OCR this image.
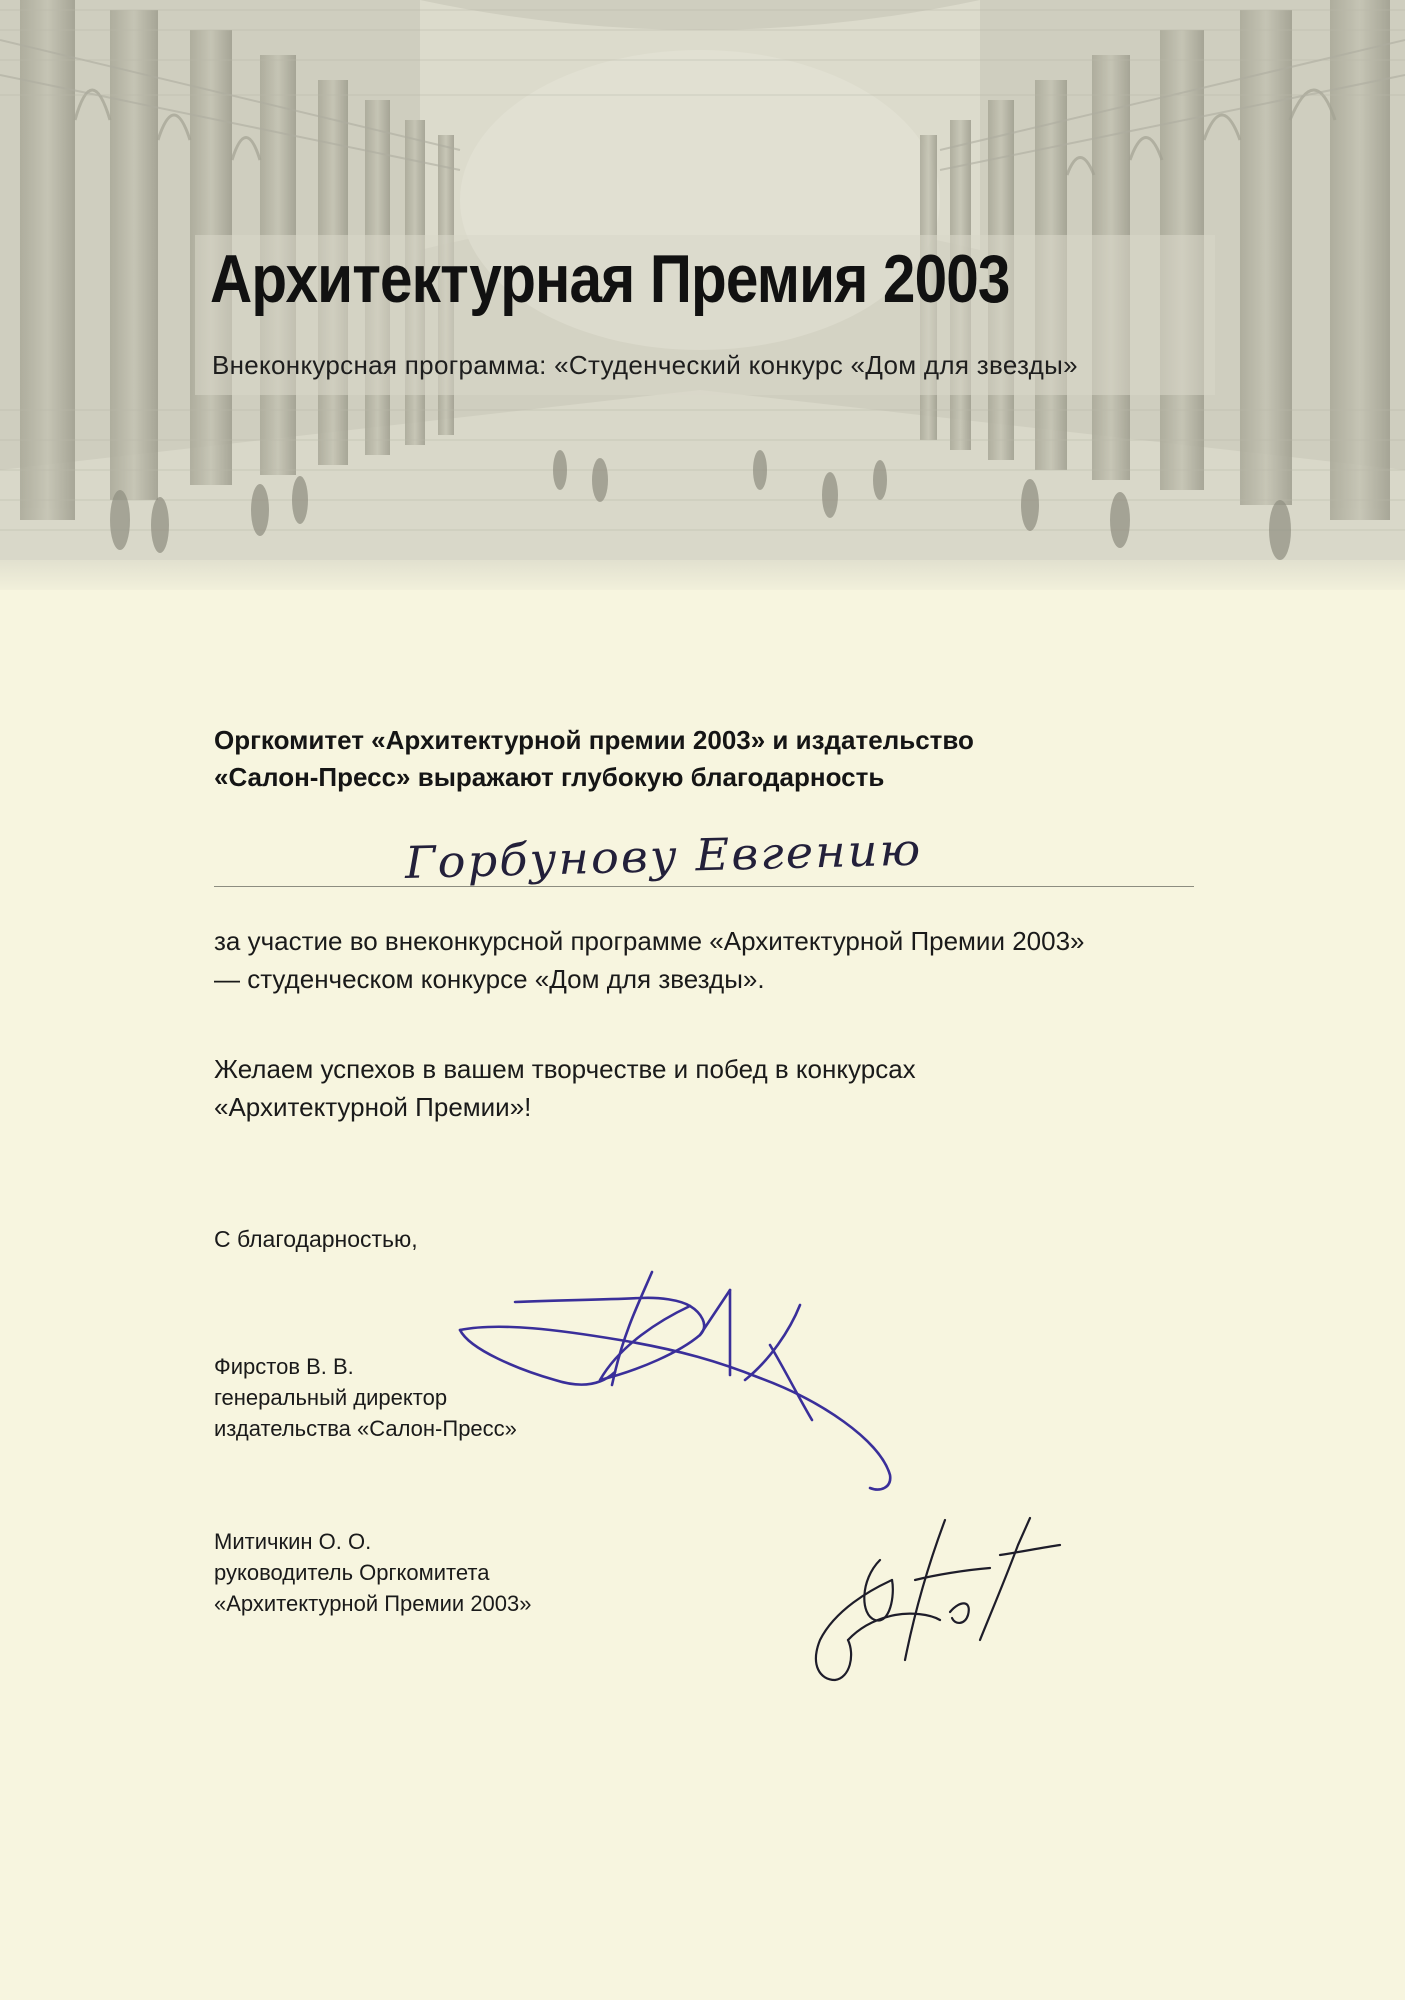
Архитектурная Премия 2003
Внеконкурсная программа: «Студенческий конкурс «Дом для звезды»
Оргкомитет «Архитектурной премии 2003» и издательство
«Салон-Пресс» выражают глубокую благодарность
Горбунову Евгению
за участие во внеконкурсной программе «Архитектурной Премии 2003»
— студенческом конкурсе «Дом для звезды».
Желаем успехов в вашем творчестве и побед в конкурсах
«Архитектурной Премии»!
С благодарностью,
Фирстов В. В.
генеральный директор
издательства «Салон-Пресс»
Митичкин О. О.
руководитель Оргкомитета
«Архитектурной Премии 2003»
